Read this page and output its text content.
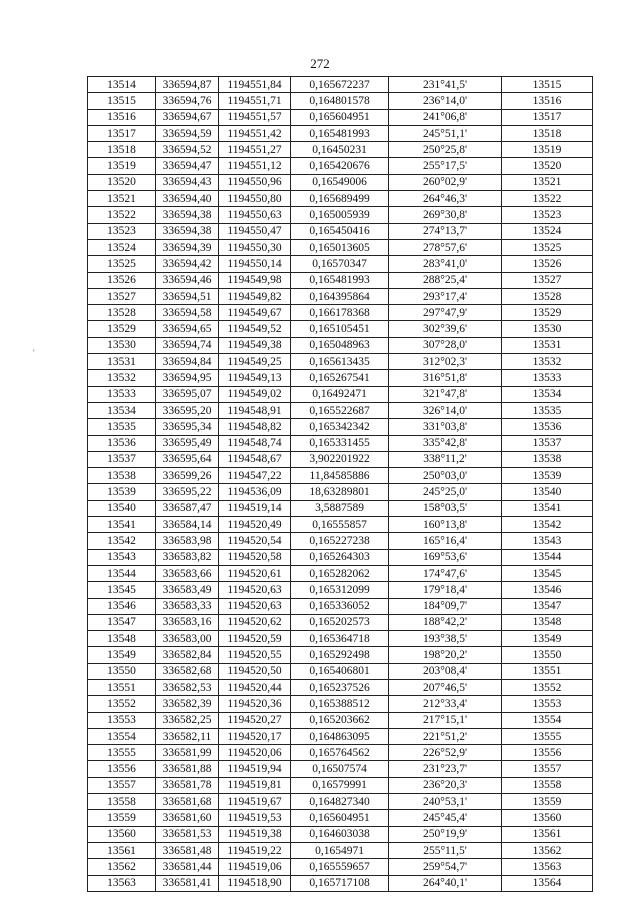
272
'
13514	336594,87	1194551,84	0,165672237	231°41,5'	13515
13515	336594,76	1194551,71	0,164801578	236°14,0'	13516
13516	336594,67	1194551,57	0,165604951	241°06,8'	13517
13517	336594,59	1194551,42	0,165481993	245°51,1'	13518
13518	336594,52	1194551,27	0,16450231	250°25,8'	13519
13519	336594,47	1194551,12	0,165420676	255°17,5'	13520
13520	336594,43	1194550,96	0,16549006	260°02,9'	13521
13521	336594,40	1194550,80	0,165689499	264°46,3'	13522
13522	336594,38	1194550,63	0,165005939	269°30,8'	13523
13523	336594,38	1194550,47	0,165450416	274°13,7'	13524
13524	336594,39	1194550,30	0,165013605	278°57,6'	13525
13525	336594,42	1194550,14	0,16570347	283°41,0'	13526
13526	336594,46	1194549,98	0,165481993	288°25,4'	13527
13527	336594,51	1194549,82	0,164395864	293°17,4'	13528
13528	336594,58	1194549,67	0,166178368	297°47,9'	13529
13529	336594,65	1194549,52	0,165105451	302°39,6'	13530
13530	336594,74	1194549,38	0,165048963	307°28,0'	13531
13531	336594,84	1194549,25	0,165613435	312°02,3'	13532
13532	336594,95	1194549,13	0,165267541	316°51,8'	13533
13533	336595,07	1194549,02	0,16492471	321°47,8'	13534
13534	336595,20	1194548,91	0,165522687	326°14,0'	13535
13535	336595,34	1194548,82	0,165342342	331°03,8'	13536
13536	336595,49	1194548,74	0,165331455	335°42,8'	13537
13537	336595,64	1194548,67	3,902201922	338°11,2'	13538
13538	336599,26	1194547,22	11,84585886	250°03,0'	13539
13539	336595,22	1194536,09	18,63289801	245°25,0'	13540
13540	336587,47	1194519,14	3,5887589	158°03,5'	13541
13541	336584,14	1194520,49	0,16555857	160°13,8'	13542
13542	336583,98	1194520,54	0,165227238	165°16,4'	13543
13543	336583,82	1194520,58	0,165264303	169°53,6'	13544
13544	336583,66	1194520,61	0,165282062	174°47,6'	13545
13545	336583,49	1194520,63	0,165312099	179°18,4'	13546
13546	336583,33	1194520,63	0,165336052	184°09,7'	13547
13547	336583,16	1194520,62	0,165202573	188°42,2'	13548
13548	336583,00	1194520,59	0,165364718	193°38,5'	13549
13549	336582,84	1194520,55	0,165292498	198°20,2'	13550
13550	336582,68	1194520,50	0,165406801	203°08,4'	13551
13551	336582,53	1194520,44	0,165237526	207°46,5'	13552
13552	336582,39	1194520,36	0,165388512	212°33,4'	13553
13553	336582,25	1194520,27	0,165203662	217°15,1'	13554
13554	336582,11	1194520,17	0,164863095	221°51,2'	13555
13555	336581,99	1194520,06	0,165764562	226°52,9'	13556
13556	336581,88	1194519,94	0,16507574	231°23,7'	13557
13557	336581,78	1194519,81	0,16579991	236°20,3'	13558
13558	336581,68	1194519,67	0,164827340	240°53,1'	13559
13559	336581,60	1194519,53	0,165604951	245°45,4'	13560
13560	336581,53	1194519,38	0,164603038	250°19,9'	13561
13561	336581,48	1194519,22	0,1654971	255°11,5'	13562
13562	336581,44	1194519,06	0,165559657	259°54,7'	13563
13563	336581,41	1194518,90	0,165717108	264°40,1'	13564
